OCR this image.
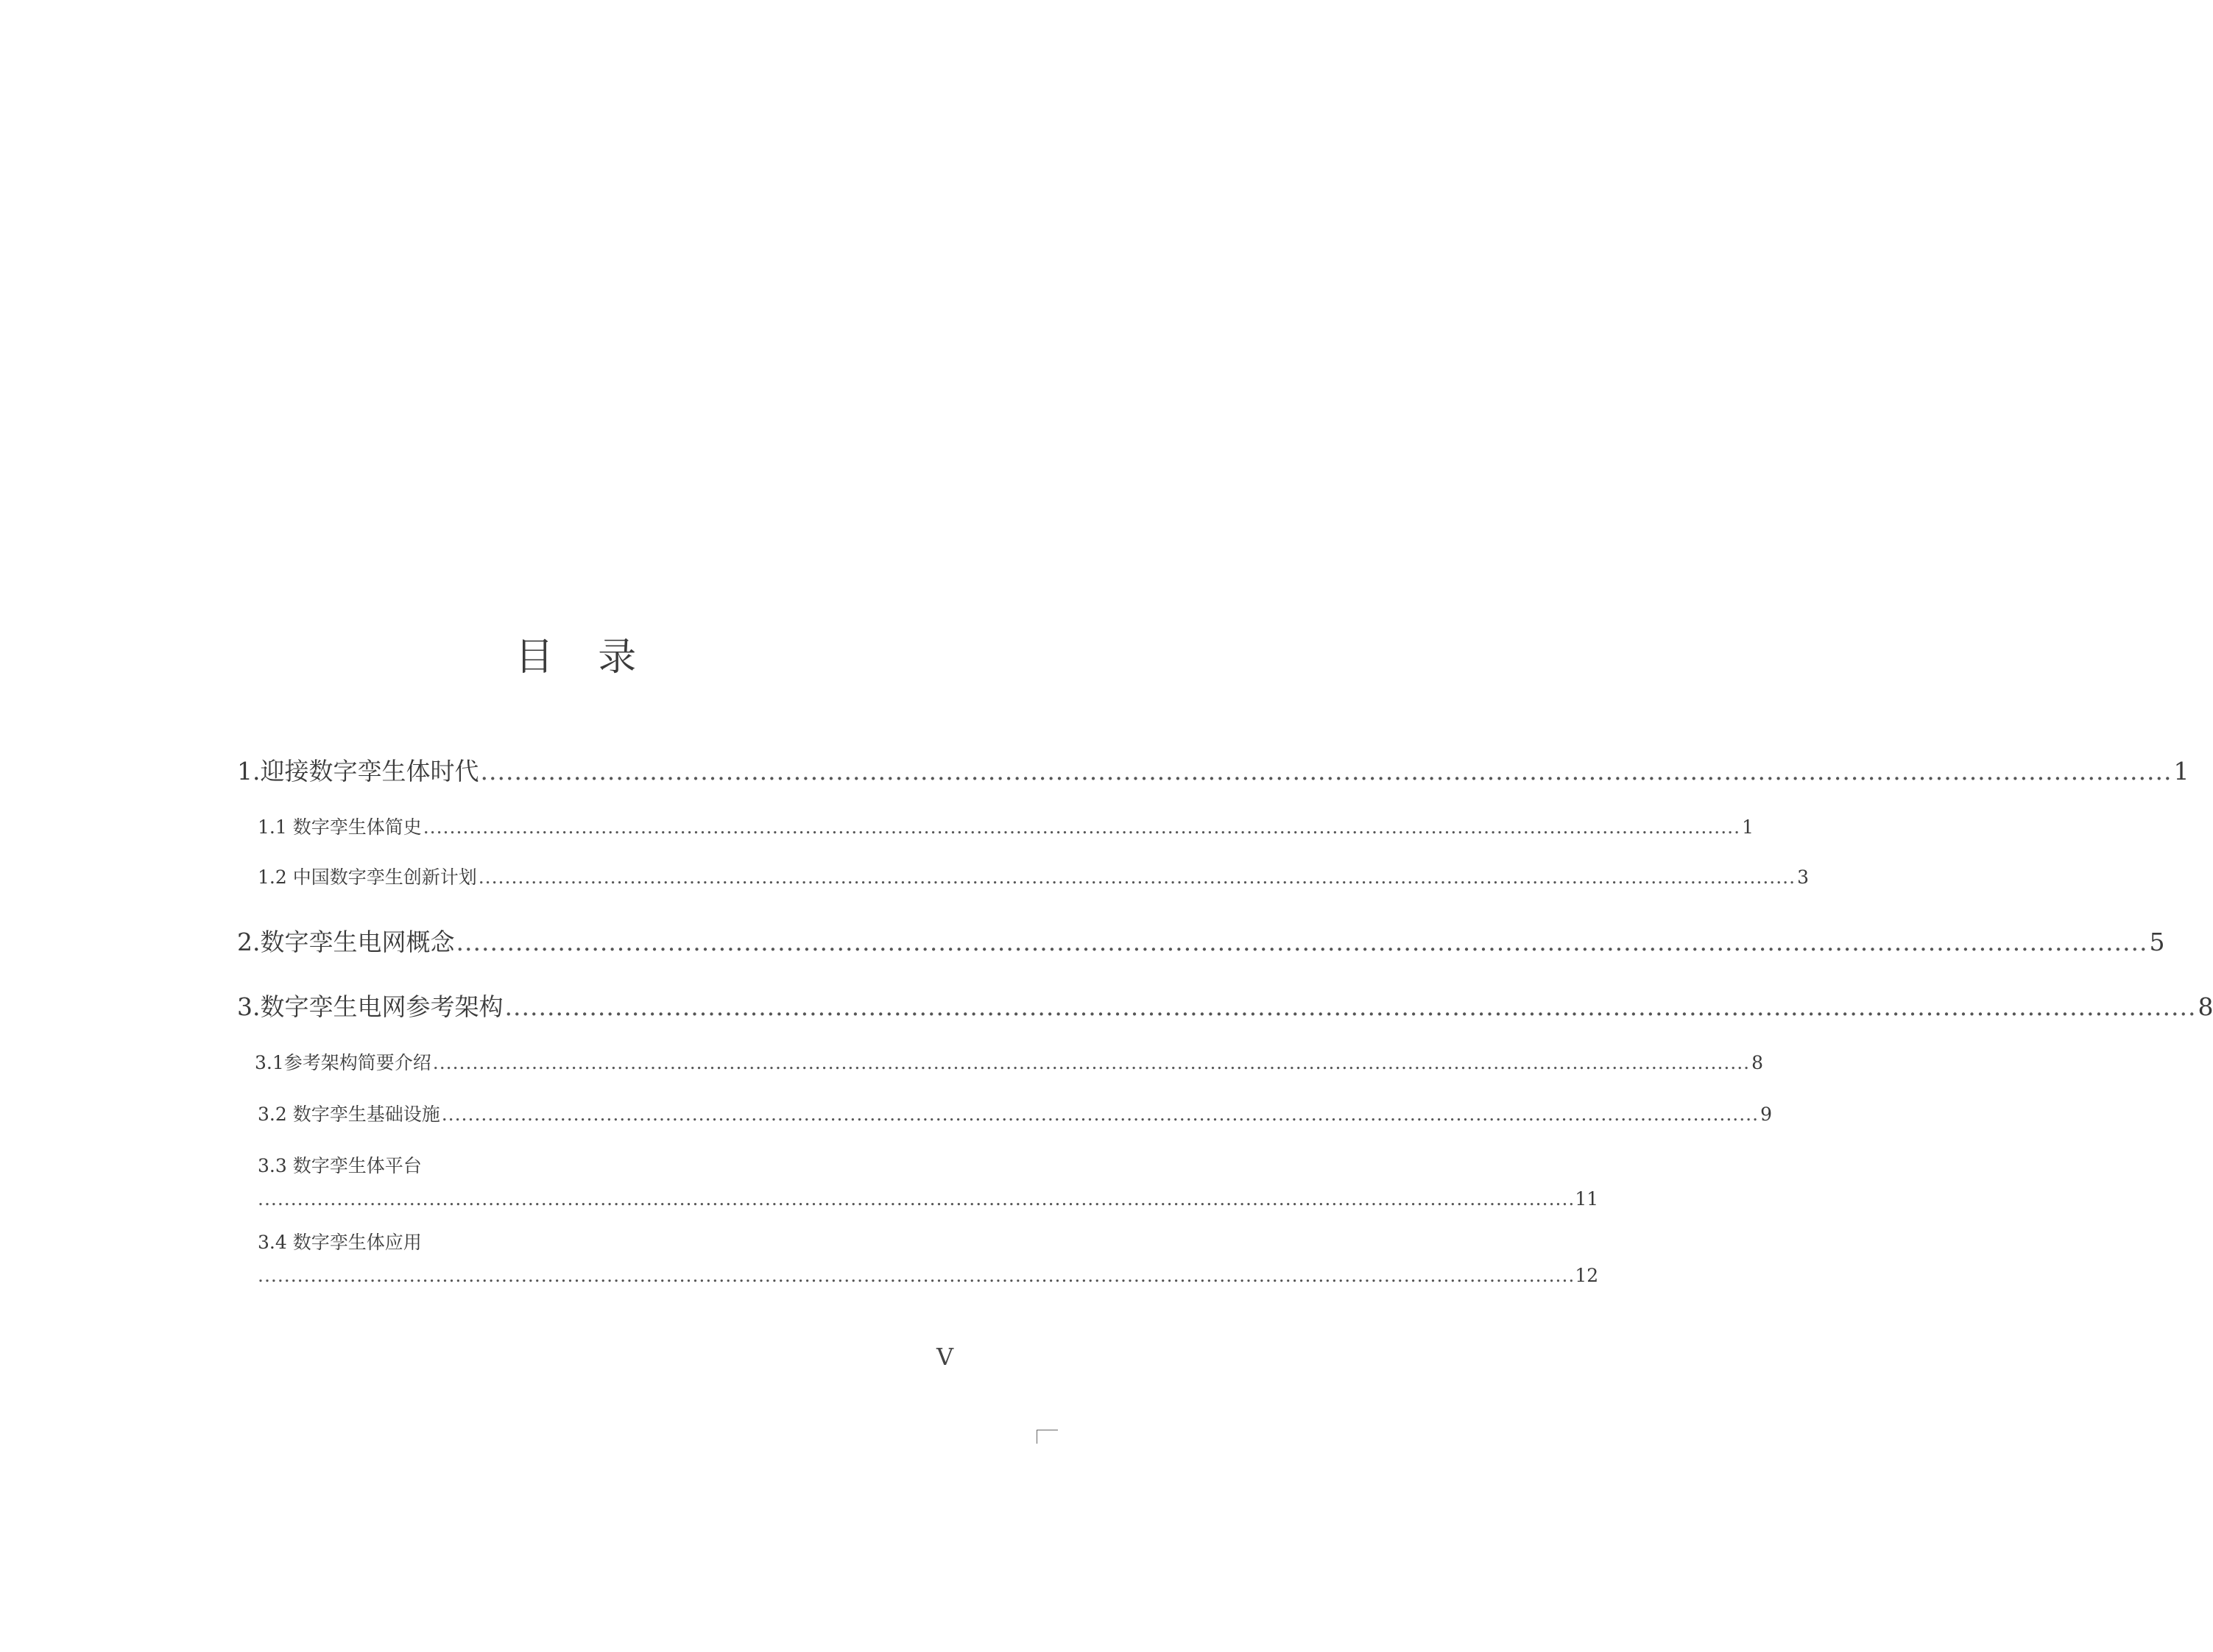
目 录
1.迎接数字孪生体时代 ........................................................................................................................................................................................................ 1
1.1 数字孪生体简史 ........................................................................................................................................................................................................ 1
1.2 中国数字孪生创新计划 ........................................................................................................................................................................................................ 3
2.数字孪生电网概念 ........................................................................................................................................................................................................ 5
3.数字孪生电网参考架构 ........................................................................................................................................................................................................ 8
3.1参考架构简要介绍 ........................................................................................................................................................................................................ 8
3.2 数字孪生基础设施 ........................................................................................................................................................................................................ 9
3.3 数字孪生体平台
........................................................................................................................................................................................................ 11
3.4 数字孪生体应用
........................................................................................................................................................................................................ 12
V
